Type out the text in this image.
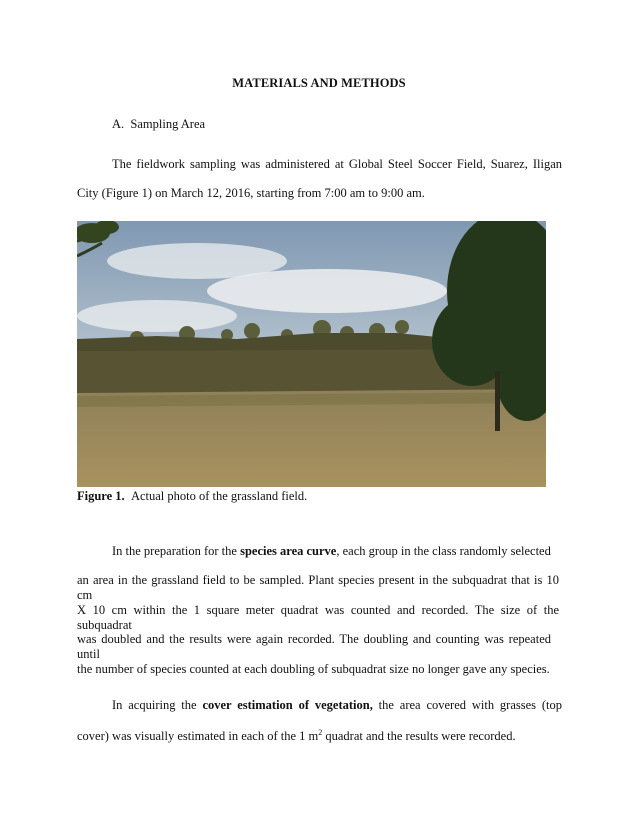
MATERIALS AND METHODS
A. Sampling Area
The fieldwork sampling was administered at Global Steel Soccer Field, Suarez, Iligan
City (Figure 1) on March 12, 2016, starting from 7:00 am to 9:00 am.
Figure 1. Actual photo of the grassland field.
In the preparation for the species area curve, each group in the class randomly selected
an area in the grassland field to be sampled. Plant species present in the subquadrat that is 10 cm
X 10 cm within the 1 square meter quadrat was counted and recorded. The size of the subquadrat
was doubled and the results were again recorded. The doubling and counting was repeated until
the number of species counted at each doubling of subquadrat size no longer gave any species.
In acquiring the cover estimation of vegetation, the area covered with grasses (top
cover) was visually estimated in each of the 1 $m^2$ quadrat and the results were recorded.
